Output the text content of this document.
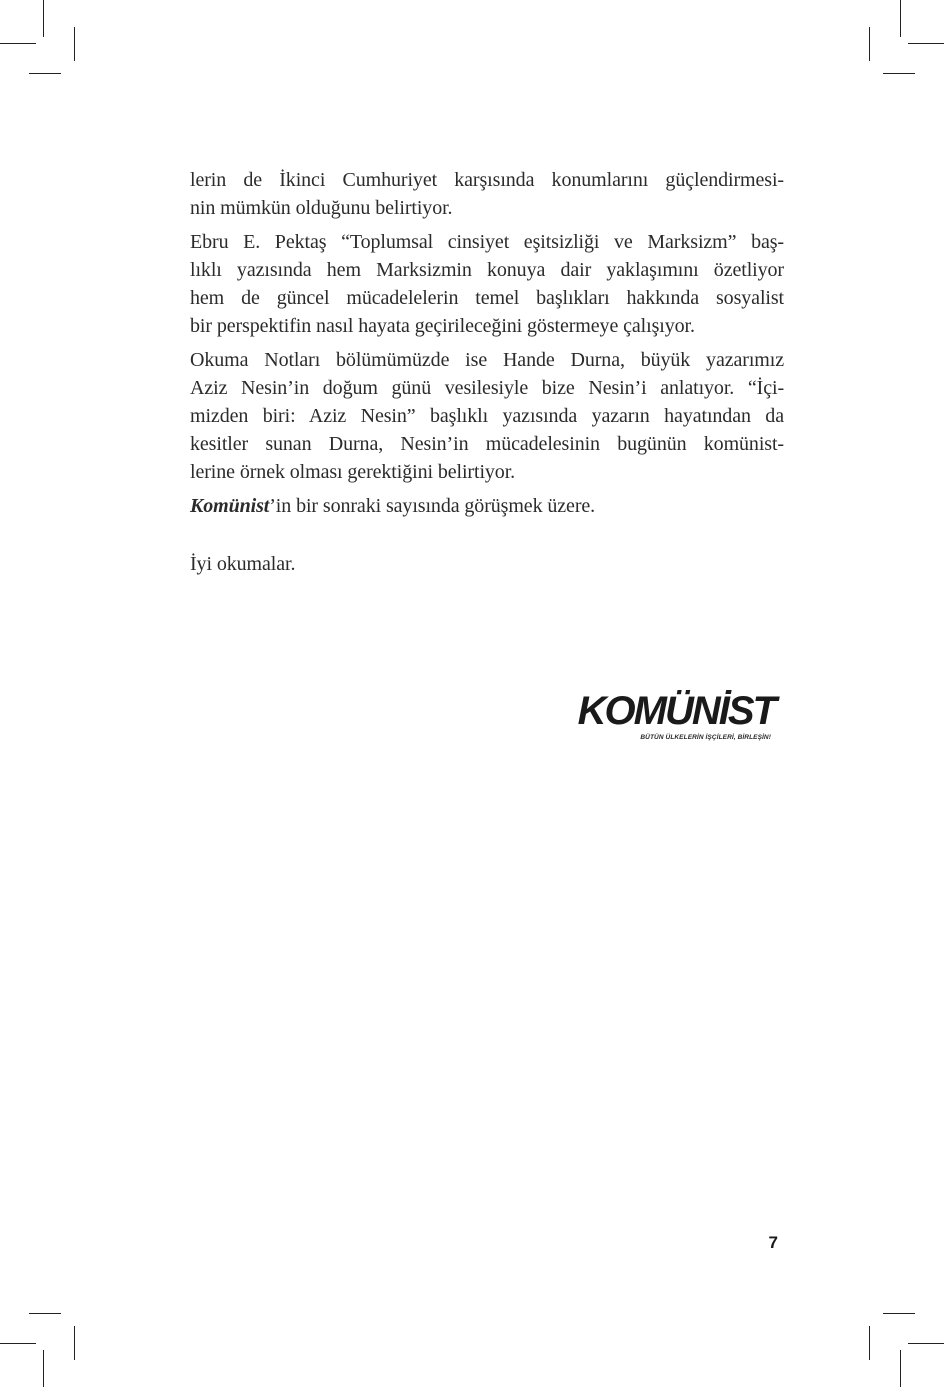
lerin de İkinci Cumhuriyet karşısında konumlarını güçlendirmesi-
nin mümkün olduğunu belirtiyor.
Ebru E. Pektaş “Toplumsal cinsiyet eşitsizliği ve Marksizm” baş-
lıklı yazısında hem Marksizmin konuya dair yaklaşımını özetliyor
hem de güncel mücadelelerin temel başlıkları hakkında sosyalist
bir perspektifin nasıl hayata geçirileceğini göstermeye çalışıyor.
Okuma Notları bölümümüzde ise Hande Durna, büyük yazarımız
Aziz Nesin’in doğum günü vesilesiyle bize Nesin’i anlatıyor. “İçi-
mizden biri: Aziz Nesin” başlıklı yazısında yazarın hayatından da
kesitler sunan Durna, Nesin’in mücadelesinin bugünün komünist-
lerine örnek olması gerektiğini belirtiyor.

Komünist’in bir sonraki sayısında görüşmek üzere.

İyi okumalar.

KOMÜNİST
BÜTÜN ÜLKELERİN İŞÇİLERİ, BİRLEŞİN!
7
